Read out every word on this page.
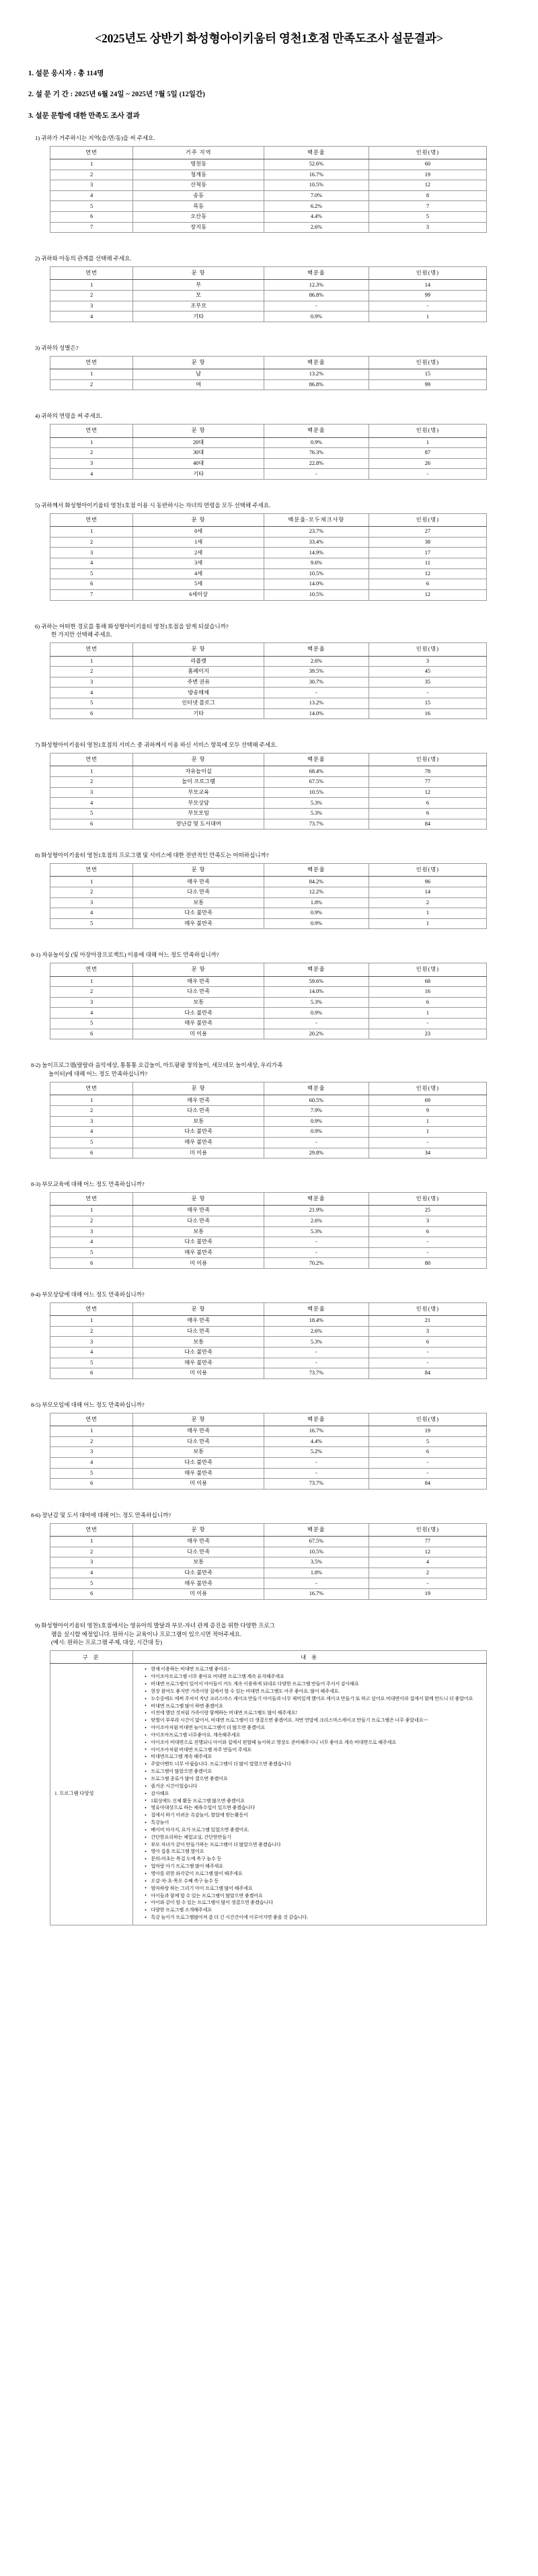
<2025년도 상반기 화성형아이키움터 영천1호점 만족도조사 설문결과>
1. 설문 응시자 : 총 114명
2. 설 문 기 간 : 2025년 6월 24일 ~ 2025년 7월 5일 (12일간)
3. 설문 문항에 대한 만족도 조사 결과
1) 귀하가 거주하시는 지역(읍/면/동)을 써 주세요.
연번	거주 지역	백분율	인원(명)
1	영천동	52.6%	60
2	청계동	16.7%	19
3	산척동	10.5%	12
4	송동	7.0%	8
5	목동	6.2%	7
6	오산동	4.4%	5
7	장지동	2.6%	3
2) 귀하와 아동의 관계를 선택해 주세요.
연번	문 항	백분율	인원(명)
1	부	12.3%	14
2	모	86.8%	99
3	조부모	-	-
4	기타	0.9%	1
3) 귀하의 성별은?
연번	문 항	백분율	인원(명)
1	남	13.2%	15
2	여	86.8%	99
4) 귀하의 연령을 써 주세요.
연번	문 항	백분율	인원(명)
1	20대	0.9%	1
2	30대	76.3%	87
3	40대	22.8%	26
4	기타	-	-
5) 귀하께서 화성형아이키움터 영천1호점 이용 시 동반하시는 자녀의 연령을 모두 선택해 주세요.
연번	문 항	백분율-모두체크사항	인원(명)
1	0세	23.7%	27
2	1세	33.4%	38
3	2세	14.9%	17
4	3세	9.6%	11
5	4세	10.5%	12
6	5세	14.0%	6
7	6세이상	10.5%	12
6) 귀하는 어떠한 경로를 통해 화성형아이키움터 영천1호점을 알게 되셨습니까?
한 가지만 선택해 주세요.
연번	문 항	백분율	인원(명)
1	리플렛	2.6%	3
2	홈페이지	39.5%	45
3	주변 권유	30.7%	35
4	방송매체	-	-
5	인터넷 블로그	13.2%	15
6	기타	14.0%	16
7) 화성형아이키움터 영천1호점의 서비스 중 귀하께서 이용 하신 서비스 항목에 모두 선택해 주세요.
연번	문 항	백분율	인원(명)
1	자유놀이실	68.4%	78
2	놀이 프로그램	67.5%	77
3	부모교육	10.5%	12
4	부모상담	5.3%	6
5	부모모임	5.3%	6
6	장난감 및 도서대여	73.7%	84
8) 화성형아이키움터 영천1호점의 프로그램 및 서비스에 대한 전반적인 만족도는 어떠하십니까?
연번	문 항	백분율	인원(명)
1	매우 만족	84.2%	96
2	다소 만족	12.2%	14
3	보통	1.8%	2
4	다소 불만족	0.9%	1
5	매우 불만족	0.9%	1
8-1) 자유놀이실 (및 아장아장프로젝트) 이용에 대해 어느 정도 만족하십니까?
연번	문 항	백분율	인원(명)
1	매우 만족	59.6%	68
2	다소 만족	14.0%	16
3	보통	5.3%	6
4	다소 불만족	0.9%	1
5	매우 불만족	-	-
6	미 이용	20.2%	23
8-2) 놀이프로그램(랄랄라 음악세상, 통통통 오감놀이, 아트팡팡 창의놀이, 세모네모 놀이세상, 우리가족
놀이터)에 대해 어느 정도 만족하십니까?
연번	문 항	백분율	인원(명)
1	매우 만족	60.5%	69
2	다소 만족	7.9%	9
3	보통	0.9%	1
4	다소 불만족	0.9%	1
5	매우 불만족	-	-
6	미 이용	29.8%	34
8-3) 부모교육에 대해 어느 정도 만족하십니까?
연번	문 항	백분율	인원(명)
1	매우 만족	21.9%	25
2	다소 만족	2.6%	3
3	보통	5.3%	6
4	다소 불만족	-	-
5	매우 불만족	-	-
6	미 이용	70.2%	80
8-4) 부모상담에 대해 어느 정도 만족하십니까?
연번	문 항	백분율	인원(명)
1	매우 만족	18.4%	21
2	다소 만족	2.6%	3
3	보통	5.3%	6
4	다소 불만족	-	-
5	매우 불만족	-	-
6	미 이용	73.7%	84
8-5) 부모모임에 대해 어느 정도 만족하십니까?
연번	문 항	백분율	인원(명)
1	매우 만족	16.7%	19
2	다소 만족	4.4%	5
3	보통	5.2%	6
4	다소 불만족	-	-
5	매우 불만족	-	-
6	미 이용	73.7%	84
8-6) 장난감 및 도서 대여에 대해 어느 정도 만족하십니까?
연번	문 항	백분율	인원(명)
1	매우 만족	67.5%	77
2	다소 만족	10.5%	12
3	보통	3.5%	4
4	다소 불만족	1.8%	2
5	매우 불만족	-	-
6	미 이용	16.7%	19
9) 화성형아이키움터 영천1호점에서는 영유아의 발달과 부모-자녀 관계 증진을 위한 다양한 프로그
램을 실시할 예정입니다. 원하시는 교육이나 프로그램이 있으시면 적어주세요.
(예시: 원하는 프로그램 주제, 대상, 시간대 등)
구 분	내 용
1. 프로그램 다양성	
● 현재 이용하는 비대면 프로그램 좋아요~
● 아이조아프로그램 너무 좋아요 비대면 프로그램 계속 유지해주세요
● 비대면 프로그램이 있어서 아이들이 커도 계속 이용하게 되네요 다양한 프로그램 만들어 주서서 감사해요
● 현장 참여도 좋지만 가족이랑 집에서 할 수 있는 비대면 프로그램도 아주 좋아요. 많이 해주세요.
● 누수중에도 애써 주셔서 작년 크리스마스 케이크 만들기 아이들과 너무 재미있게 했어요 케이크 만들기 또 하고 싶어요 비대면이라 집에서 함께 만드니 더 좋았어요
● 비대면 프로그램 많이 하면 좋겠어요
● 이전에 했던 것처럼 가족이랑 함께하는 비대면 프로그램도 많이 해주세요!
● 맞벌이 부부라 시간이 없어서, 비대면 프로그램이 더 생겼으면 좋겠어요. 저번 연말에 크리스마스케이크 만들기 프로그램은 너무 좋았네요~~
● 아이조아처럼 비대면 놀이프로그램이 더 많으면 좋겠어요
● 아이조아프로그램 너무좋아요. 계속해주세요
● 아이조아 비대면으로 진행되니 아이와 집에서 편할때 놀이하고 영상도 준비해주시니 너무 좋아요 계속 비대면으로 해주세요
● 아이조아처럼 비대면 프로그램 자주 만들어 주세요
● 비대면프로그램 계속 해주세요
● 주말이벤트 너무 아쉽습니다. 프로그램이 더 많이 열렸으면 좋겠습니다
● 프로그램이 많았으면 좋겠어요
● 프로그램 종류가 많아 졌으면 좋겠어요
● 즐거운 시간이었습니다
● 감사해요
● 1회성에도 신체 활동 프로그램 많으면 좋겠어요
● 영유아대상으로 하는 체육수업이 있으면 좋겠습니다
● 집에서 하기 어려운 촉감놀이, 발달에 맞는활동이
● 특강놀이
● 베이비 마사지, 요가 프로그램 있었으면 좋겠어요.
● 간단한요리하는 체험교실, 간단한만들기
● 부모 자녀가 같이 만들기하는 프로그램이 더 많았으면 좋겠습니다
● 영아 집을 프로그램 열어요
● 문의-마초는 목걸 도예 축구 놀수 등
● 업마랑 아기 프로그램 많이 해주세요
● 영아를 위한 와각같이 프로그램 많이 해주세요
● 오감·차·초·목오 수째 축구 놀수 등
● 엄마하랑 하는 그리기 아이 프로그램 많이 해주세요
● 아이들과 함께 할 수 있는 프로그램이 많았으면 좋겠어요
● 아이와 같이 할 수 있는 프로그램이 많이 생겼으면 좋겠습니다
● 다양한 프로그램 소개해주세요
● 특강 놀이가 프로그램많아져 좀 더 긴 시간간이에 이루어지면 좋을 것 같습니다.
